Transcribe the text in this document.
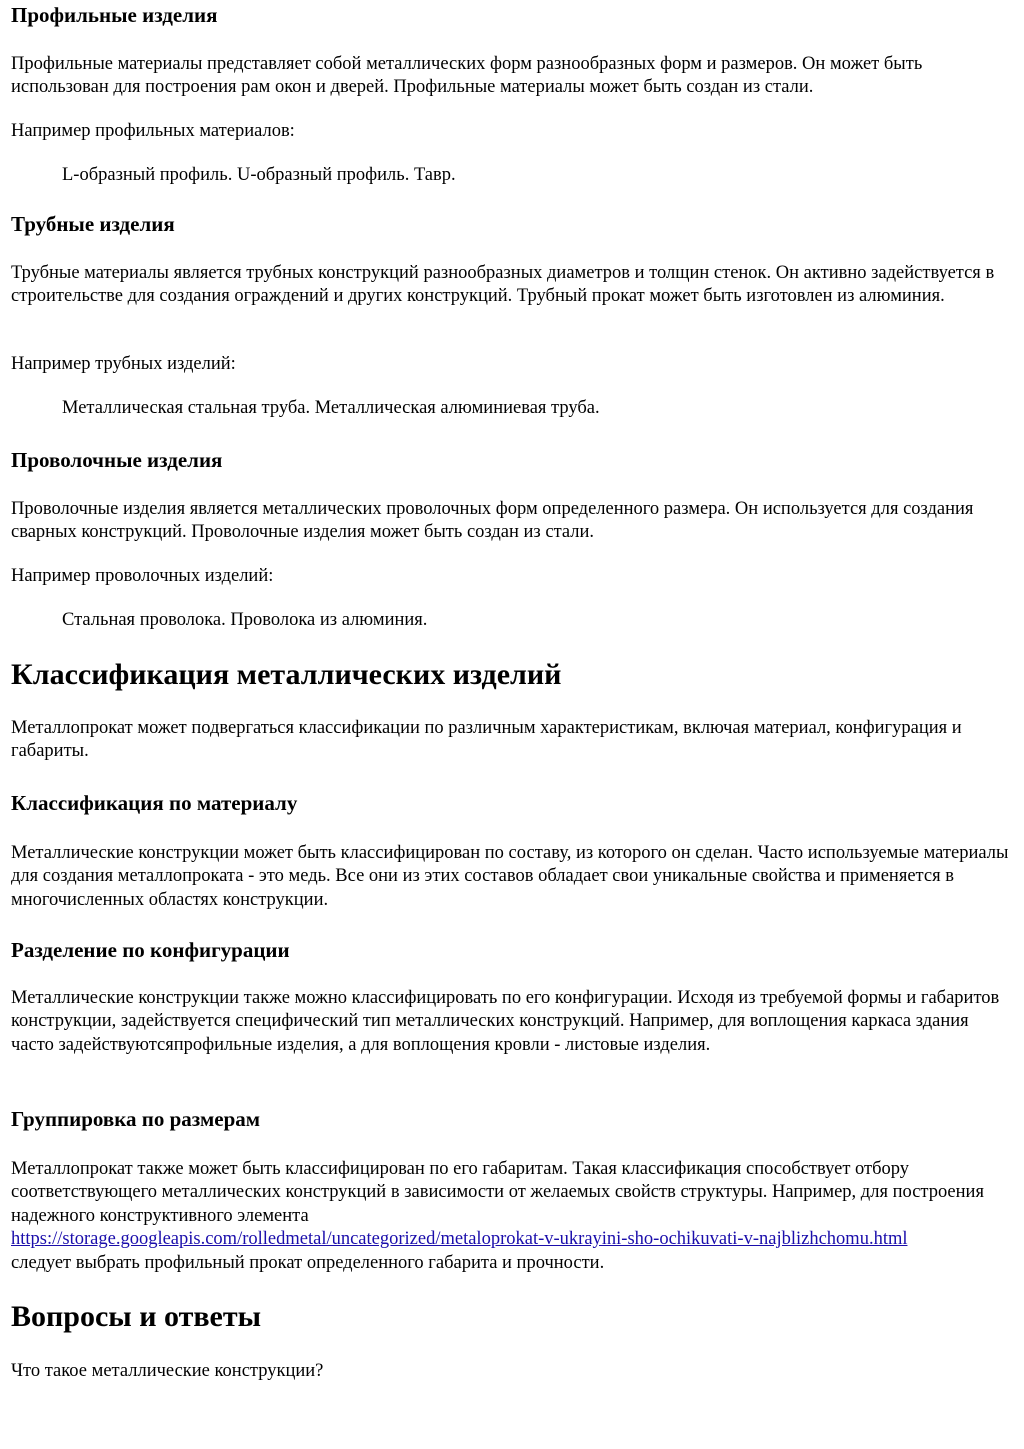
Профильные изделия

Профильные материалы представляет собой металлических форм разнообразных форм и размеров. Он может быть использован для построения рам окон и дверей. Профильные материалы может быть создан из стали.

Например профильных материалов:

L-образный профиль. U-образный профиль. Тавр.

Трубные изделия

Трубные материалы является трубных конструкций разнообразных диаметров и толщин стенок. Он активно задействуется в строительстве для создания ограждений и других конструкций. Трубный прокат может быть изготовлен из алюминия.

Например трубных изделий:

Металлическая стальная труба. Металлическая алюминиевая труба.

Проволочные изделия

Проволочные изделия является металлических проволочных форм определенного размера. Он используется для создания сварных конструкций. Проволочные изделия может быть создан из стали.

Например проволочных изделий:

Стальная проволока. Проволока из алюминия.

Классификация металлических изделий

Металлопрокат может подвергаться классификации по различным характеристикам, включая материал, конфигурация и габариты.

Классификация по материалу

Металлические конструкции может быть классифицирован по составу, из которого он сделан. Часто используемые материалы для создания металлопроката - это медь. Все они из этих составов обладает свои уникальные свойства и применяется в многочисленных областях конструкции.

Разделение по конфигурации

Металлические конструкции также можно классифицировать по его конфигурации. Исходя из требуемой формы и габаритов конструкции, задействуется специфический тип металлических конструкций. Например, для воплощения каркаса здания часто задействуютсяпрофильные изделия, а для воплощения кровли - листовые изделия.

Группировка по размерам

Металлопрокат также может быть классифицирован по его габаритам. Такая классификация способствует отбору соответствующего металлических конструкций в зависимости от желаемых свойств структуры. Например, для построения надежного конструктивного элемента
https://storage.googleapis.com/rolledmetal/uncategorized/metaloprokat-v-ukrayini-sho-ochikuvati-v-najblizhchomu.html
следует выбрать профильный прокат определенного габарита и прочности.

Вопросы и ответы

Что такое металлические конструкции?
